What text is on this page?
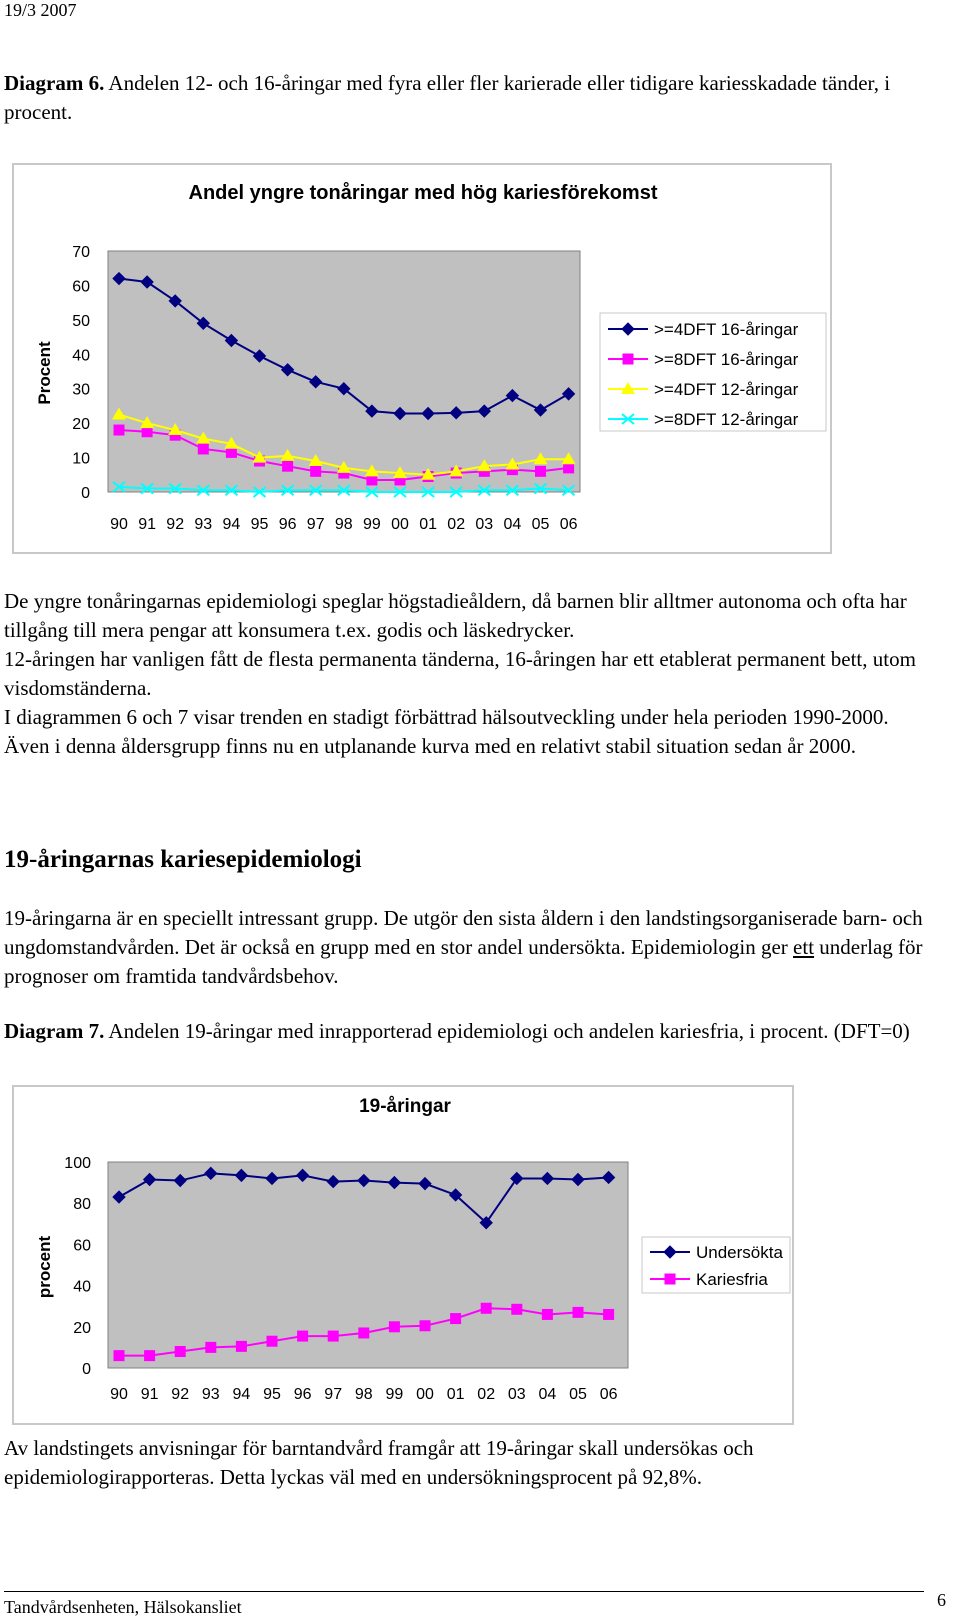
19/3 2007
Diagram 6. Andelen 12- och 16-åringar med fyra eller fler karierade eller tidigare kariesskadade tänder, i procent.
Andel yngre tonåringar med hög kariesförekomst
Procent
0
10
20
30
40
50
60
70
90 91 92 93 94 95 96 97 98 99 00 01 02 03 04 05 06
>=4DFT 16-åringar
>=8DFT 16-åringar
>=4DFT 12-åringar
>=8DFT 12-åringar
De yngre tonåringarnas epidemiologi speglar högstadieåldern, då barnen blir alltmer autonoma och ofta har tillgång till mera pengar att konsumera t.ex. godis och läskedrycker.
12-åringen har vanligen fått de flesta permanenta tänderna, 16-åringen har ett etablerat permanent bett, utom visdomständerna.
I diagrammen 6 och 7 visar trenden en stadigt förbättrad hälsoutveckling under hela perioden 1990-2000.
Även i denna åldersgrupp finns nu en utplanande kurva med en relativt stabil situation sedan år 2000.
19-åringarnas kariesepidemiologi
19-åringarna är en speciellt intressant grupp. De utgör den sista åldern i den landstingsorganiserade barn- och ungdomstandvården. Det är också en grupp med en stor andel undersökta. Epidemiologin ger ett underlag för prognoser om framtida tandvårdsbehov.
Diagram 7. Andelen 19-åringar med inrapporterad epidemiologi och andelen kariesfria, i procent. (DFT=0)
19-åringar
procent
0
20
40
60
80
100
90 91 92 93 94 95 96 97 98 99 00 01 02 03 04 05 06
Undersökta
Kariesfria
Av landstingets anvisningar för barntandvård framgår att 19-åringar skall undersökas och epidemiologirapporteras. Detta lyckas väl med en undersökningsprocent på 92,8%.
Tandvårdsenheten, Hälsokansliet	6
